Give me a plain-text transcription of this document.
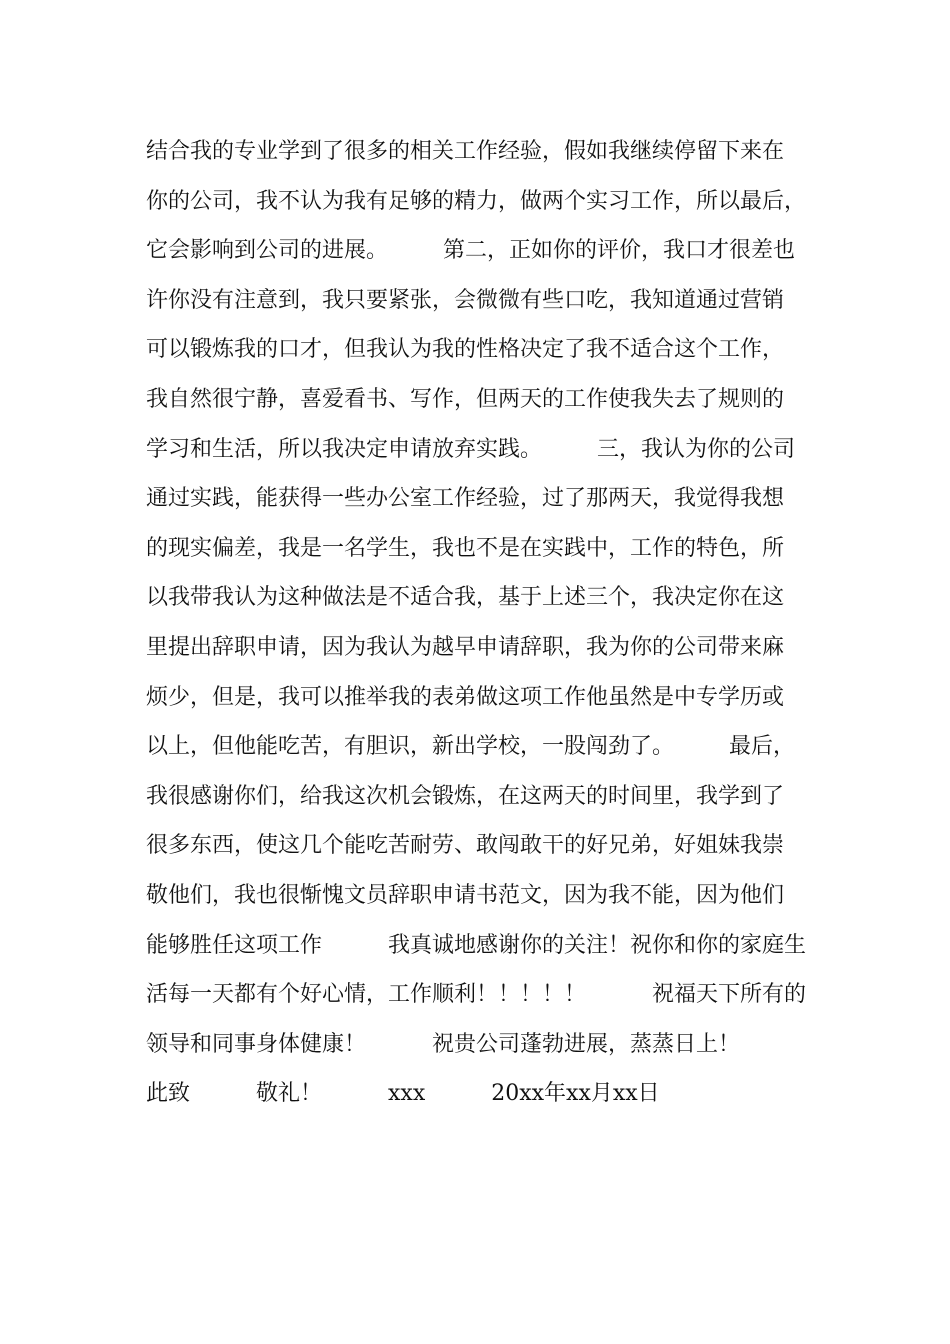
结合我的专业学到了很多的相关工作经验，假如我继续停留下来在
你的公司，我不认为我有足够的精力，做两个实习工作，所以最后，
它会影响到公司的进展。　　　第二，正如你的评价，我口才很差也
许你没有注意到，我只要紧张，会微微有些口吃，我知道通过营销
可以锻炼我的口才，但我认为我的性格决定了我不适合这个工作，
我自然很宁静，喜爱看书、写作，但两天的工作使我失去了规则的
学习和生活，所以我决定申请放弃实践。　　　三，我认为你的公司
通过实践，能获得一些办公室工作经验，过了那两天，我觉得我想
的现实偏差，我是一名学生，我也不是在实践中，工作的特色，所
以我带我认为这种做法是不适合我，基于上述三个，我决定你在这
里提出辞职申请，因为我认为越早申请辞职，我为你的公司带来麻
烦少，但是，我可以推举我的表弟做这项工作他虽然是中专学历或
以上，但他能吃苦，有胆识，新出学校，一股闯劲了。　　　最后，
我很感谢你们，给我这次机会锻炼，在这两天的时间里，我学到了
很多东西，使这几个能吃苦耐劳、敢闯敢干的好兄弟，好姐妹我崇
敬他们，我也很惭愧文员辞职申请书范文，因为我不能，因为他们
能够胜任这项工作　　　我真诚地感谢你的关注！祝你和你的家庭生
活每一天都有个好心情，工作顺利！！！！！　　　祝福天下所有的
领导和同事身体健康！　　　祝贵公司蓬勃进展，蒸蒸日上！
此致　　　敬礼！　　　xxx　　　20xx年xx月xx日
